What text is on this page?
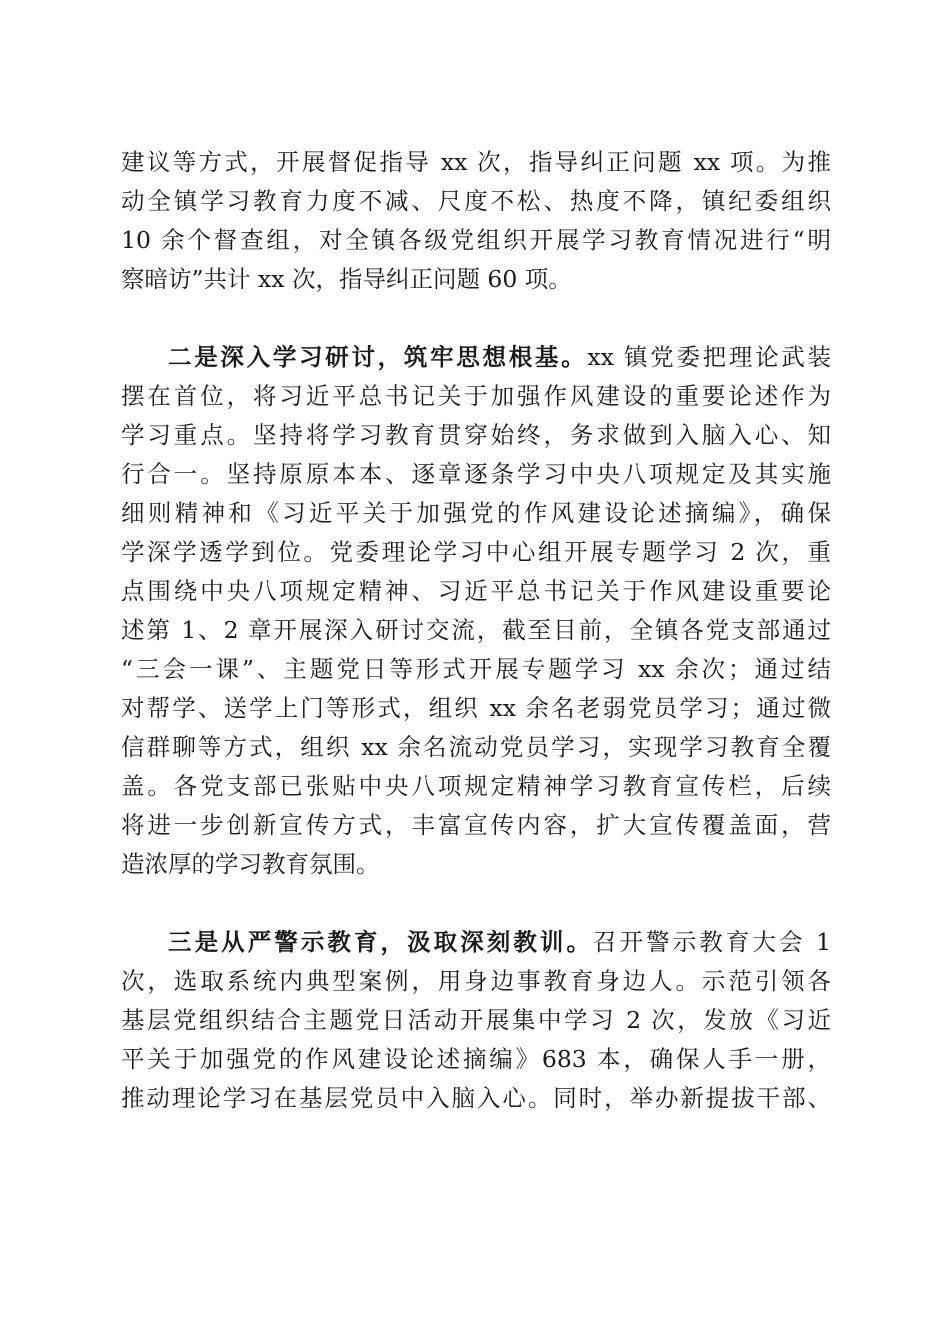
建议等方式，开展督促指导 xx 次，指导纠正问题 xx 项。为推
动全镇学习教育力度不减、尺度不松、热度不降，镇纪委组织
10 余个督查组，对全镇各级党组织开展学习教育情况进行“明
察暗访”共计 xx 次，指导纠正问题 60 项。
二是深入学习研讨，筑牢思想根基。xx 镇党委把理论武装
摆在首位，将习近平总书记关于加强作风建设的重要论述作为
学习重点。坚持将学习教育贯穿始终，务求做到入脑入心、知
行合一。坚持原原本本、逐章逐条学习中央八项规定及其实施
细则精神和《习近平关于加强党的作风建设论述摘编》，确保
学深学透学到位。党委理论学习中心组开展专题学习 2 次，重
点围绕中央八项规定精神、习近平总书记关于作风建设重要论
述第 1、2 章开展深入研讨交流，截至目前，全镇各党支部通过
“三会一课”、主题党日等形式开展专题学习 xx 余次；通过结
对帮学、送学上门等形式，组织 xx 余名老弱党员学习；通过微
信群聊等方式，组织 xx 余名流动党员学习，实现学习教育全覆
盖。各党支部已张贴中央八项规定精神学习教育宣传栏，后续
将进一步创新宣传方式，丰富宣传内容，扩大宣传覆盖面，营
造浓厚的学习教育氛围。
三是从严警示教育，汲取深刻教训。召开警示教育大会 1
次，选取系统内典型案例，用身边事教育身边人。示范引领各
基层党组织结合主题党日活动开展集中学习 2 次，发放《习近
平关于加强党的作风建设论述摘编》683 本，确保人手一册，
推动理论学习在基层党员中入脑入心。同时，举办新提拔干部、
